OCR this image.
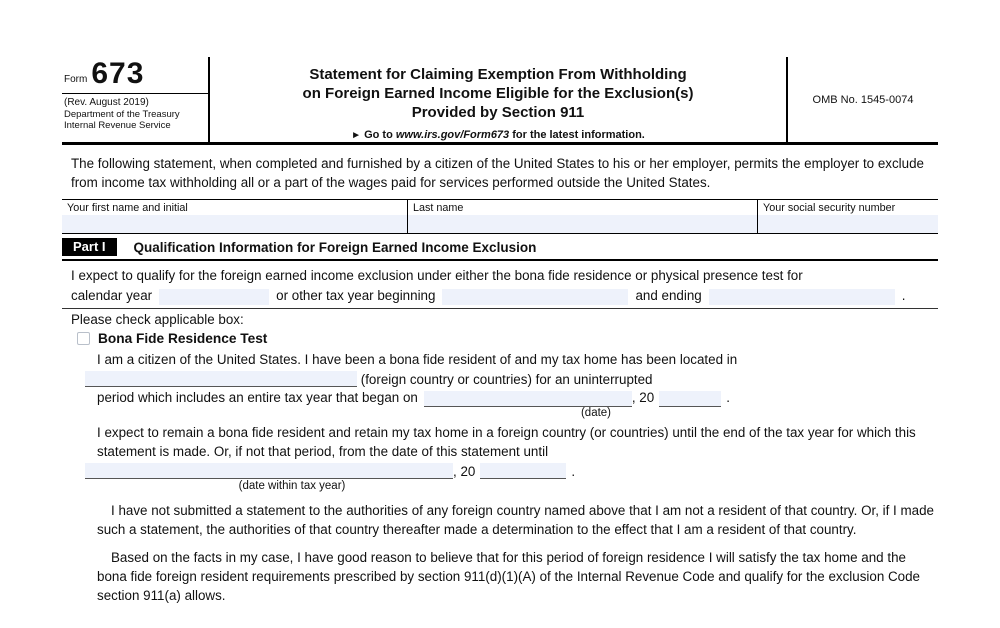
Form 673
(Rev. August 2019)
Department of the Treasury
Internal Revenue Service
Statement for Claiming Exemption From Withholding
on Foreign Earned Income Eligible for the Exclusion(s)
Provided by Section 911
► Go to www.irs.gov/Form673 for the latest information.
OMB No. 1545-0074

The following statement, when completed and furnished by a citizen of the United States to his or her employer, permits the employer to exclude from income tax withholding all or a part of the wages paid for services performed outside the United States.

Your first name and initial	Last name	Your social security number
Part I	Qualification Information for Foreign Earned Income Exclusion
I expect to qualify for the foreign earned income exclusion under either the bona fide residence or physical presence test for
calendar year	or other tax year beginning	and ending	.
Please check applicable box:
Bona Fide Residence Test
I am a citizen of the United States. I have been a bona fide resident of and my tax home has been located in
(foreign country or countries) for an uninterrupted
period which includes an entire tax year that began on	, 20	.
(date)
I expect to remain a bona fide resident and retain my tax home in a foreign country (or countries) until the end of the tax year for which this statement is made. Or, if not that period, from the date of this statement until
, 20	.
(date within tax year)
I have not submitted a statement to the authorities of any foreign country named above that I am not a resident of that country. Or, if I made such a statement, the authorities of that country thereafter made a determination to the effect that I am a resident of that country.
Based on the facts in my case, I have good reason to believe that for this period of foreign residence I will satisfy the tax home and the bona fide foreign resident requirements prescribed by section 911(d)(1)(A) of the Internal Revenue Code and qualify for the exclusion Code section 911(a) allows.
